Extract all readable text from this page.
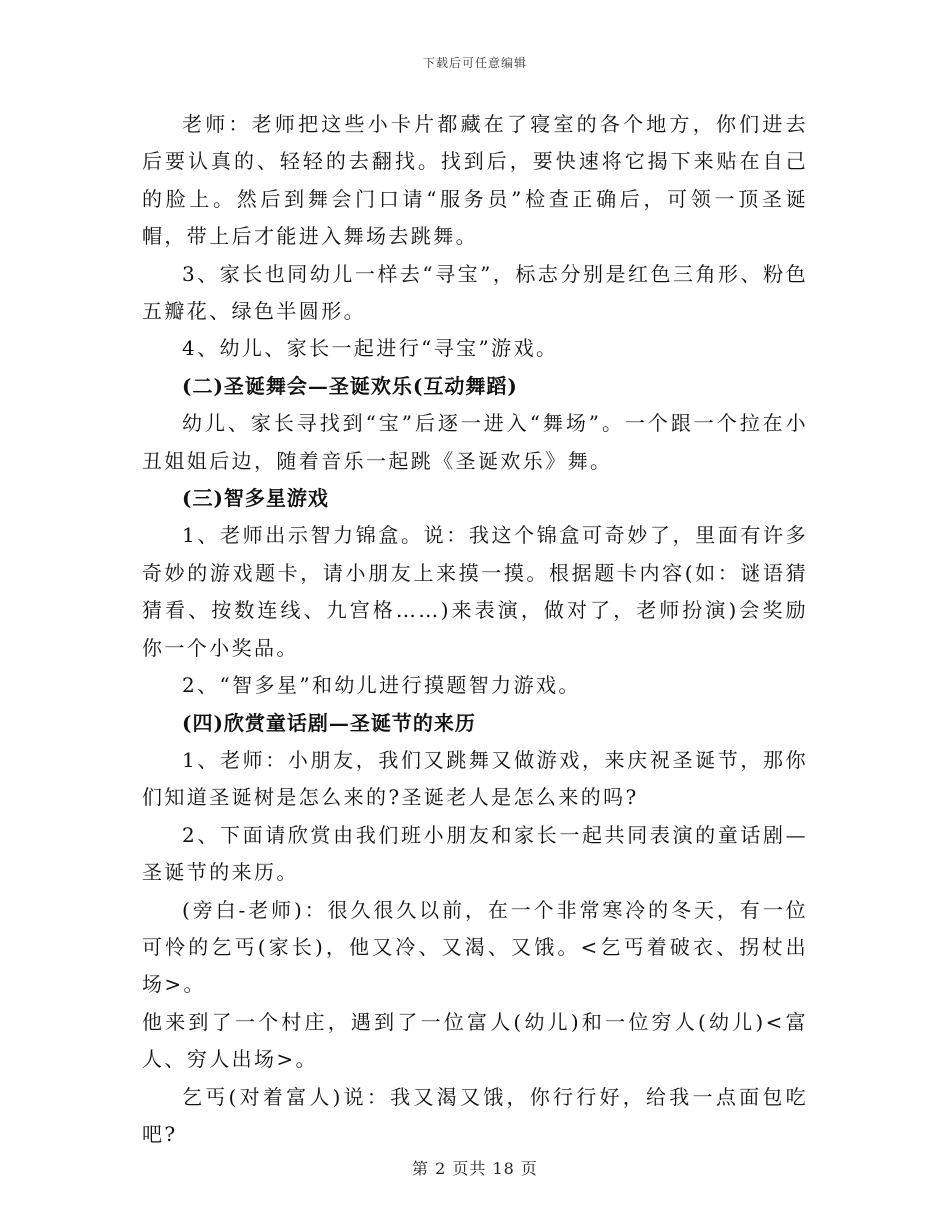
下载后可任意编辑

老师：老师把这些小卡片都藏在了寝室的各个地方，你们进去后要认真的、轻轻的去翻找。找到后，要快速将它揭下来贴在自己的脸上。然后到舞会门口请“服务员”检查正确后，可领一顶圣诞帽，带上后才能进入舞场去跳舞。

3、家长也同幼儿一样去“寻宝”，标志分别是红色三角形、粉色五瓣花、绿色半圆形。

4、幼儿、家长一起进行“寻宝”游戏。

(二)圣诞舞会—圣诞欢乐(互动舞蹈)

幼儿、家长寻找到“宝”后逐一进入“舞场”。一个跟一个拉在小丑姐姐后边，随着音乐一起跳《圣诞欢乐》舞。

(三)智多星游戏

1、老师出示智力锦盒。说：我这个锦盒可奇妙了，里面有许多奇妙的游戏题卡，请小朋友上来摸一摸。根据题卡内容(如：谜语猜猜看、按数连线、九宫格……)来表演，做对了，老师扮演)会奖励你一个小奖品。

2、“智多星”和幼儿进行摸题智力游戏。

(四)欣赏童话剧—圣诞节的来历

1、老师：小朋友，我们又跳舞又做游戏，来庆祝圣诞节，那你们知道圣诞树是怎么来的?圣诞老人是怎么来的吗?

2、下面请欣赏由我们班小朋友和家长一起共同表演的童话剧—圣诞节的来历。

(旁白-老师)：很久很久以前，在一个非常寒冷的冬天，有一位可怜的乞丐(家长)，他又冷、又渴、又饿。<乞丐着破衣、拐杖出场>。

他来到了一个村庄，遇到了一位富人(幼儿)和一位穷人(幼儿)<富人、穷人出场>。

乞丐(对着富人)说：我又渴又饿，你行行好，给我一点面包吃吧?

第 2 页共 18 页
